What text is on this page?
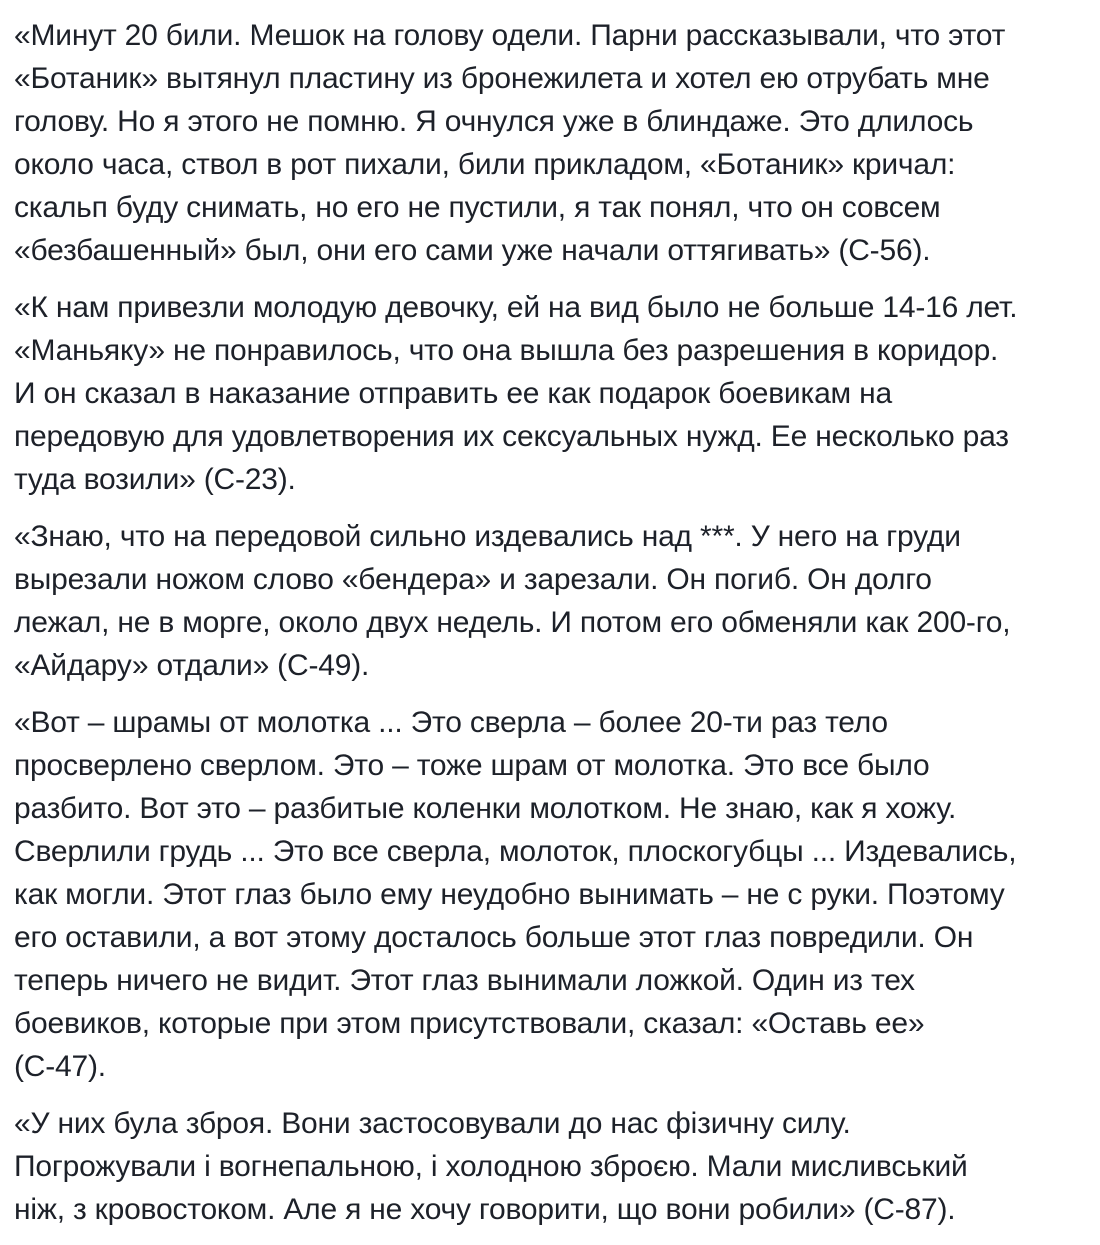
«Минут 20 били. Мешок на голову одели. Парни рассказывали, что этот
«Ботаник» вытянул пластину из бронежилета и хотел ею отрубать мне
голову. Но я этого не помню. Я очнулся уже в блиндаже. Это длилось
около часа, ствол в рот пихали, били прикладом, «Ботаник» кричал:
скальп буду снимать, но его не пустили, я так понял, что он совсем
«безбашенный» был, они его сами уже начали оттягивать» (С-56).

«К нам привезли молодую девочку, ей на вид было не больше 14-16 лет.
«Маньяку» не понравилось, что она вышла без разрешения в коридор.
И он сказал в наказание отправить ее как подарок боевикам на
передовую для удовлетворения их сексуальных нужд. Ее несколько раз
туда возили» (С-23).

«Знаю, что на передовой сильно издевались над ***. У него на груди
вырезали ножом слово «бендера» и зарезали. Он погиб. Он долго
лежал, не в морге, около двух недель. И потом его обменяли как 200-го,
«Айдару» отдали» (С-49).

«Вот – шрамы от молотка ... Это сверла – более 20-ти раз тело
просверлено сверлом. Это – тоже шрам от молотка. Это все было
разбито. Вот это – разбитые коленки молотком. Не знаю, как я хожу.
Сверлили грудь ... Это все сверла, молоток, плоскогубцы ... Издевались,
как могли. Этот глаз было ему неудобно вынимать – не с руки. Поэтому
его оставили, а вот этому досталось больше этот глаз повредили. Он
теперь ничего не видит. Этот глаз вынимали ложкой. Один из тех
боевиков, которые при этом присутствовали, сказал: «Оставь ее»
(С-47).

«У них була зброя. Вони застосовували до нас фізичну силу.
Погрожували і вогнепальною, і холодною зброєю. Мали мисливський
ніж, з кровостоком. Але я не хочу говорити, що вони робили» (С-87).
